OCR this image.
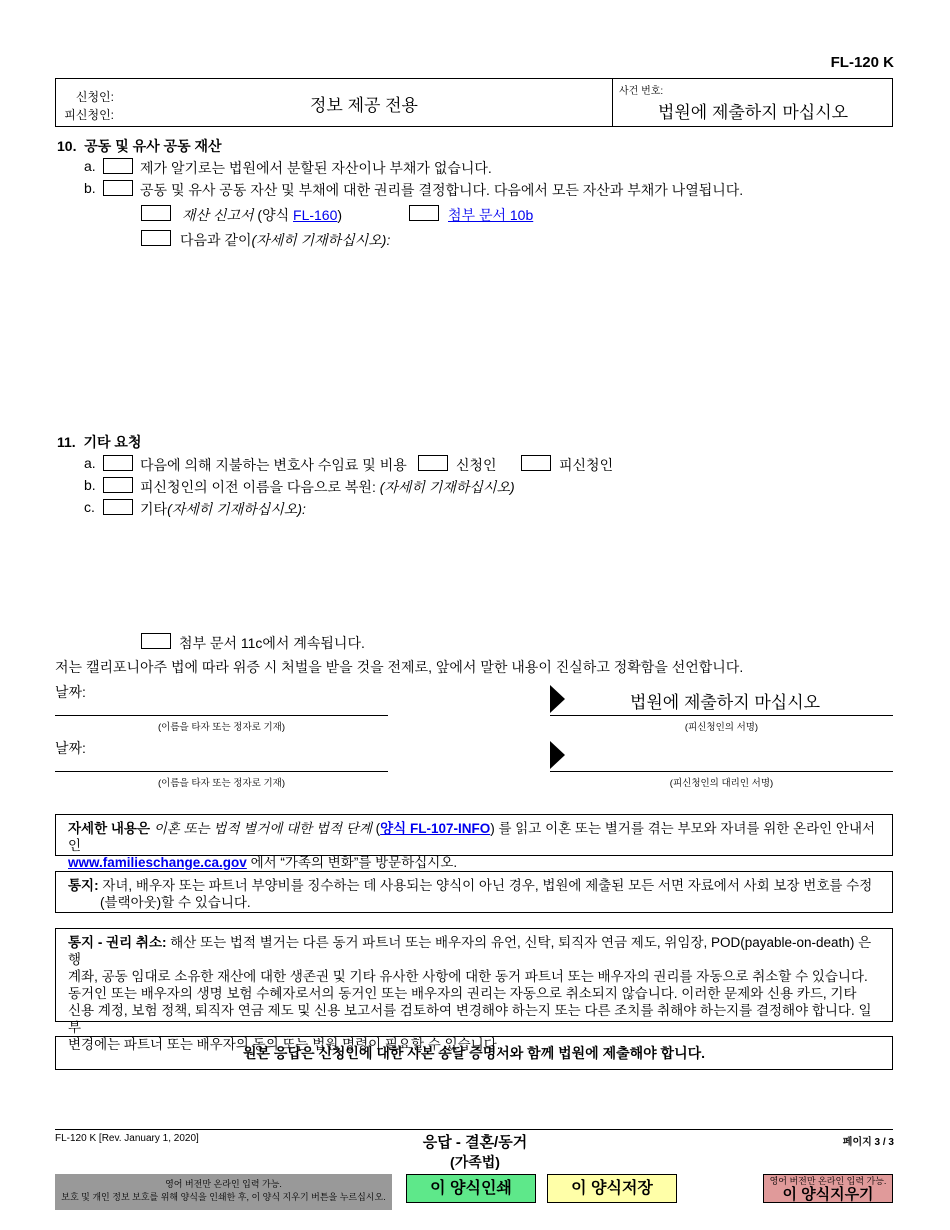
FL-120 K
신청인:
피신청인:	정보 제공 전용
사건 번호:
법원에 제출하지 마십시오
10. 공동 및 유사 공동 재산
a.	제가 알기로는 법원에서 분할된 자산이나 부채가 없습니다.
b.	공동 및 유사 공동 자산 및 부채에 대한 권리를 결정합니다. 다음에서 모든 자산과 부채가 나열됩니다.
재산 신고서 (양식 FL-160)	첨부 문서 10b
다음과 같이(자세히 기재하십시오):
11. 기타 요청
a.	다음에 의해 지불하는 변호사 수임료 및 비용	신청인	피신청인
b.	피신청인의 이전 이름을 다음으로 복원: (자세히 기재하십시오)
c.	기타(자세히 기재하십시오):
첨부 문서 11c에서 계속됩니다.
저는 캘리포니아주 법에 따라 위증 시 처벌을 받을 것을 전제로, 앞에서 말한 내용이 진실하고 정확함을 선언합니다.
날짜:
(이름을 타자 또는 정자로 기재)
법원에 제출하지 마십시오
(피신청인의 서명)
날짜:
(이름을 타자 또는 정자로 기재)	(피신청인의 대리인 서명)
자세한 내용은 이혼 또는 법적 별거에 대한 법적 단계 (양식 FL-107-INFO) 를 읽고 이혼 또는 별거를 겪는 부모와 자녀를 위한 온라인 안내서인
www.familieschange.ca.gov 에서 “가족의 변화”를 방문하십시오.
통지: 자녀, 배우자 또는 파트너 부양비를 징수하는 데 사용되는 양식이 아닌 경우, 법원에 제출된 모든 서면 자료에서 사회 보장 번호를 수정
(블랙아웃)할 수 있습니다.
통지 - 권리 취소: 해산 또는 법적 별거는 다른 동거 파트너 또는 배우자의 유언, 신탁, 퇴직자 연금 제도, 위임장, POD(payable-on-death) 은행
계좌, 공동 임대로 소유한 재산에 대한 생존권 및 기타 유사한 사항에 대한 동거 파트너 또는 배우자의 권리를 자동으로 취소할 수 있습니다.
동거인 또는 배우자의 생명 보험 수혜자로서의 동거인 또는 배우자의 권리는 자동으로 취소되지 않습니다. 이러한 문제와 신용 카드, 기타
신용 계정, 보험 정책, 퇴직자 연금 제도 및 신용 보고서를 검토하여 변경해야 하는지 또는 다른 조치를 취해야 하는지를 결정해야 합니다. 일부
변경에는 파트너 또는 배우자의 동의 또는 법원 명령이 필요할 수 있습니다.
원본 응답은 신청인에 대한 사본 송달 증명서와 함께 법원에 제출해야 합니다.
FL-120 K [Rev. January 1, 2020]	응답 - 결혼/동거
(가족법)
페이지 3 / 3
영어 버전만 온라인 입력 가능.
보호 및 개인 정보 보호를 위해 양식을 인쇄한 후, 이 양식 지우기 버튼을 누르십시오.	이 양식인쇄	이 양식저장	영어 버전만 온라인 입력 가능.
이 양식지우기
